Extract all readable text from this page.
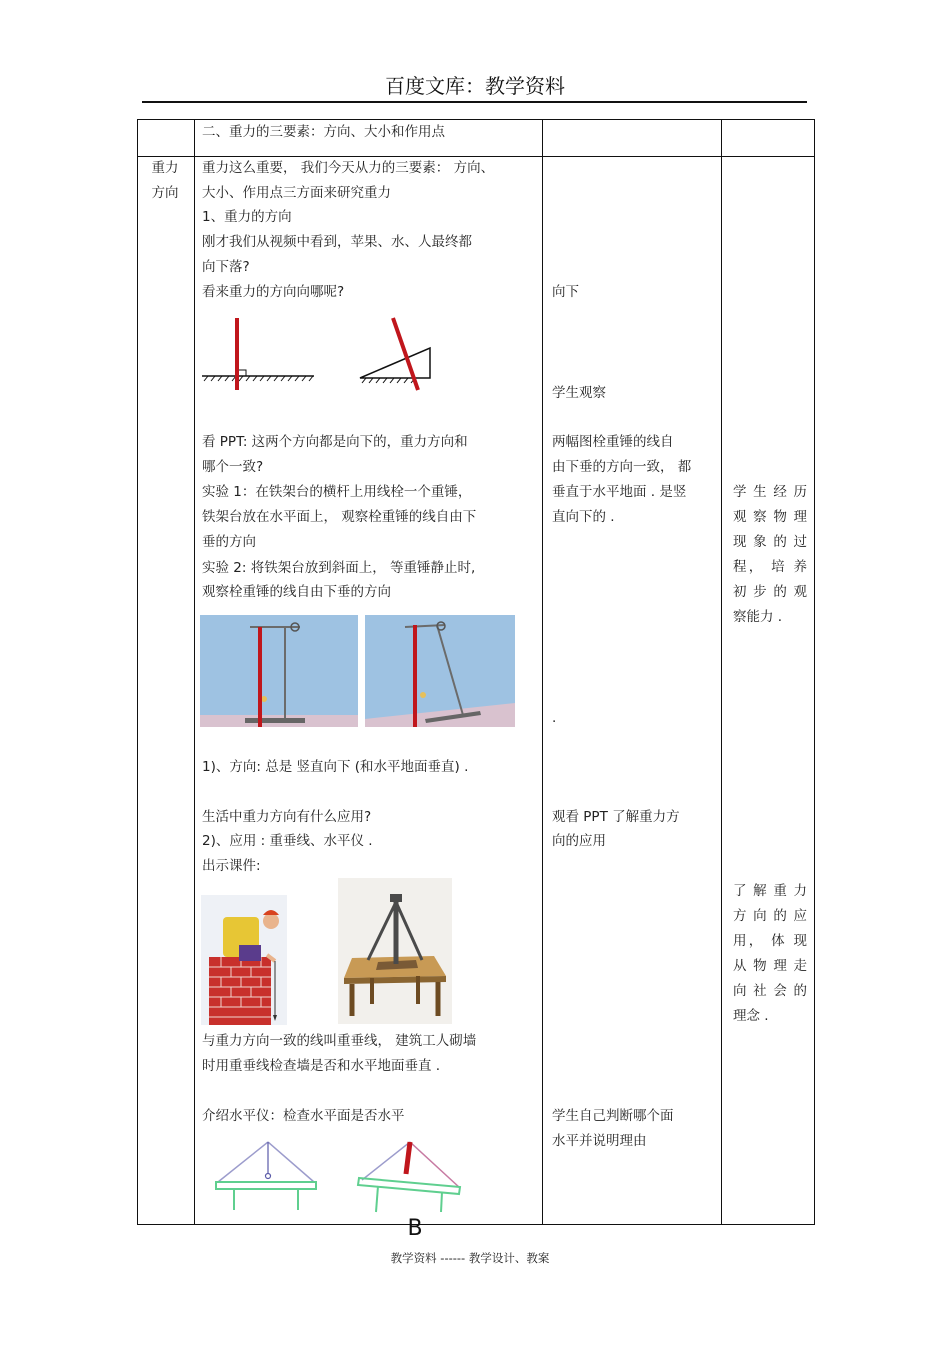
百度文库：教学资料
二、重力的三要素：方向、大小和作用点
重力
方向
重力这么重要， 我们今天从力的三要素： 方向、
大小、作用点三方面来研究重力
1、重力的方向
刚才我们从视频中看到，苹果、水、人最终都
向下落?
看来重力的方向向哪呢?
看 PPT: 这两个方向都是向下的，重力方向和
哪个一致?
实验 1：在铁架台的横杆上用线栓一个重锤，
铁架台放在水平面上， 观察栓重锤的线自由下
垂的方向
实验 2: 将铁架台放到斜面上， 等重锤静止时,
观察栓重锤的线自由下垂的方向
1)、方向: 总是 竖直向下 (和水平地面垂直) .
生活中重力方向有什么应用?
2)、应用 : 重垂线、水平仪 .
出示课件:
与重力方向一致的线叫重垂线， 建筑工人砌墙
时用重垂线检查墙是否和水平地面垂直 .
介绍水平仪：检查水平面是否水平
向下
学生观察
两幅图栓重锤的线自
由下垂的方向一致， 都
垂直于水平地面 . 是竖
直向下的 .
.
观看 PPT 了解重力方
向的应用
学生自己判断哪个面
水平并说明理由
学 生 经 历
观 察 物 理
现 象 的 过
程， 培 养
初 步 的 观
察能力 .
了 解 重 力
方 向 的 应
用， 体 现
从 物 理 走
向 社 会 的
理念 .
B
教学资料 ------ 教学设计、教案
